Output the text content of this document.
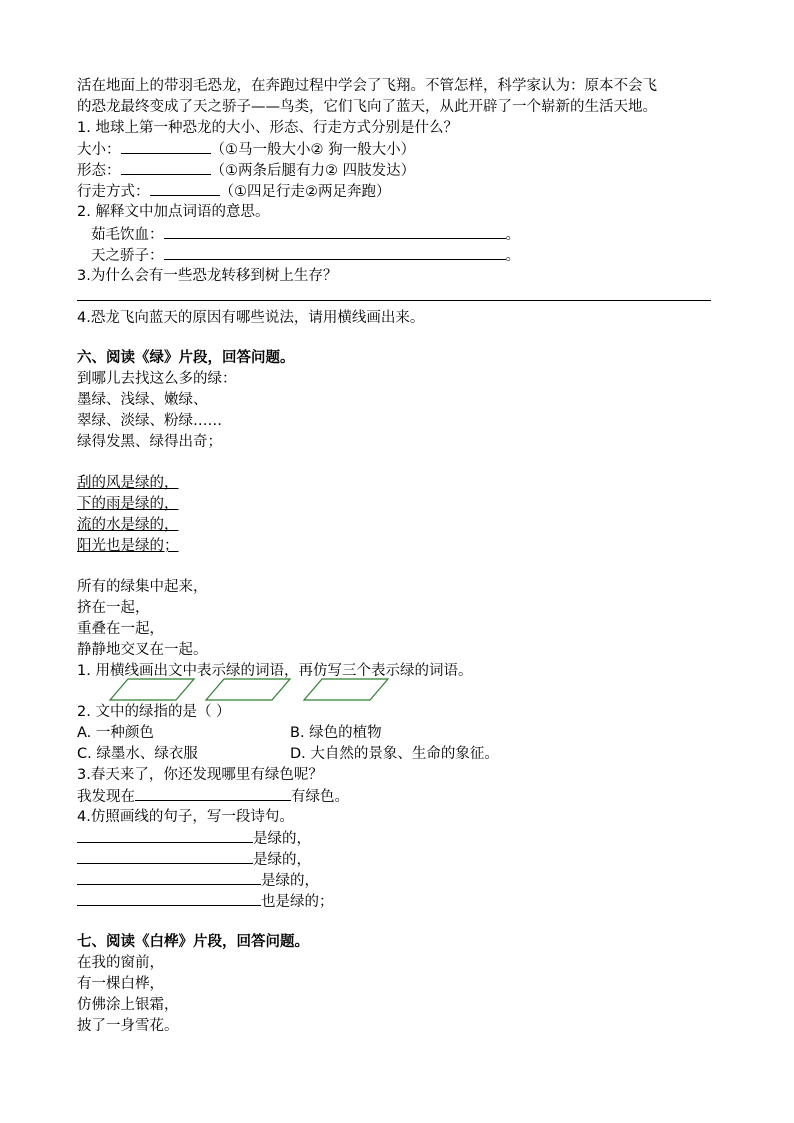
活在地面上的带羽毛恐龙，在奔跑过程中学会了飞翔。不管怎样，科学家认为：原本不会飞
的恐龙最终变成了天之骄子——鸟类，它们飞向了蓝天，从此开辟了一个崭新的生活天地。
1. 地球上第一种恐龙的大小、形态、行走方式分别是什么？
大小：	（①马一般大小② 狗一般大小）
形态：	（①两条后腿有力② 四肢发达）
行走方式：	（①四足行走②两足奔跑）
2. 解释文中加点词语的意思。
茹毛饮血：	。
天之骄子：	。
3.为什么会有一些恐龙转移到树上生存？
4.恐龙飞向蓝天的原因有哪些说法，请用横线画出来。
六、阅读《绿》片段，回答问题。
到哪儿去找这么多的绿：
墨绿、浅绿、嫩绿、
翠绿、淡绿、粉绿……
绿得发黑、绿得出奇；
刮的风是绿的，
下的雨是绿的，
流的水是绿的，
阳光也是绿的；
所有的绿集中起来，
挤在一起，
重叠在一起，
静静地交叉在一起。
1. 用横线画出文中表示绿的词语，再仿写三个表示绿的词语。
2. 文中的绿指的是（ ）
A. 一种颜色	B. 绿色的植物
C. 绿墨水、绿衣服	D. 大自然的景象、生命的象征。
3.春天来了，你还发现哪里有绿色呢？
我发现在	有绿色。
4.仿照画线的句子，写一段诗句。
是绿的，
是绿的，
是绿的，
也是绿的；
七、阅读《白桦》片段，回答问题。
在我的窗前，
有一棵白桦，
仿佛涂上银霜，
披了一身雪花。
